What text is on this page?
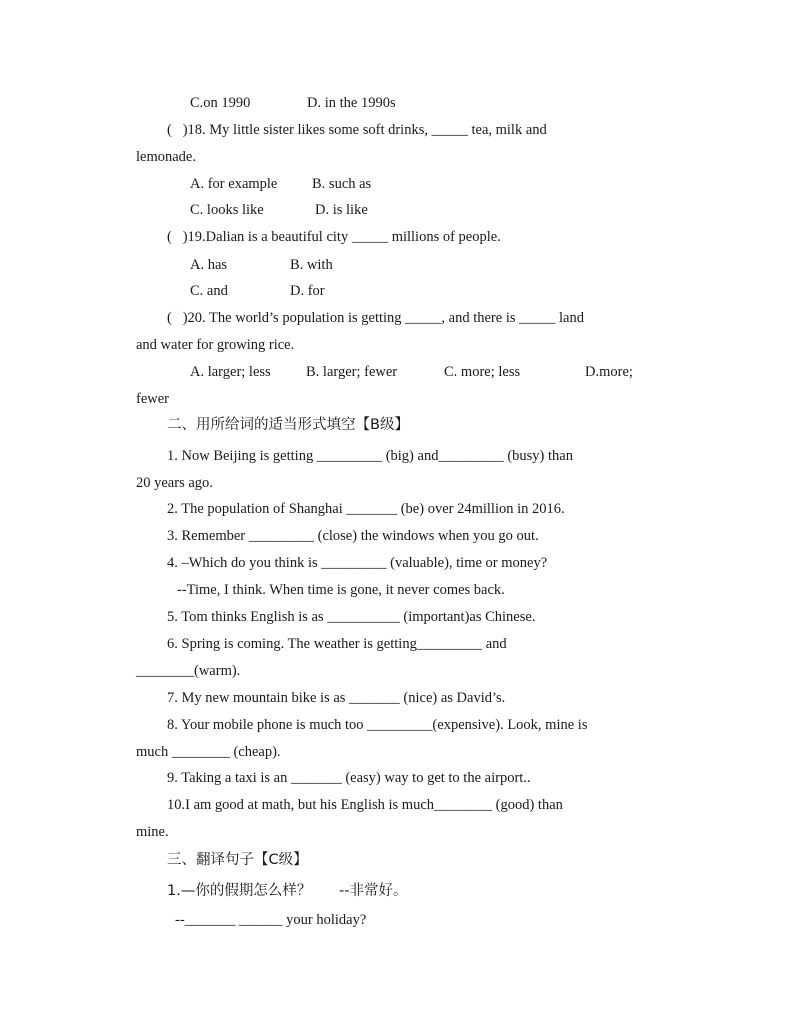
C.on 1990	D. in the 1990s
(   )18. My little sister likes some soft drinks, _____ tea, milk and
lemonade.
A. for example B. such as
C. looks like	D. is like
(   )19.Dalian is a beautiful city _____ millions of people.
A. has	B. with
C. and	D. for
(   )20. The world’s population is getting _____, and there is _____ land
and water for growing rice.
A. larger; less B. larger; fewer	C. more; less	D.more;
fewer
二、用所给词的适当形式填空【B级】
1. Now Beijing is getting _________ (big) and_________ (busy) than
20 years ago.
2. The population of Shanghai _______ (be) over 24million in 2016.
3. Remember _________ (close) the windows when you go out.
4. –Which do you think is _________ (valuable), time or money?
--Time, I think. When time is gone, it never comes back.
5. Tom thinks English is as __________ (important)as Chinese.
6. Spring is coming. The weather is getting_________ and
________(warm).
7. My new mountain bike is as _______ (nice) as David’s.
8. Your mobile phone is much too _________(expensive). Look, mine is
much ________ (cheap).
9. Taking a taxi is an _______ (easy) way to get to the airport..
10.I am good at math, but his English is much________ (good) than
mine.
三、翻译句子【C级】
1.—你的假期怎么样？      --非常好。
--_______ ______ your holiday?
